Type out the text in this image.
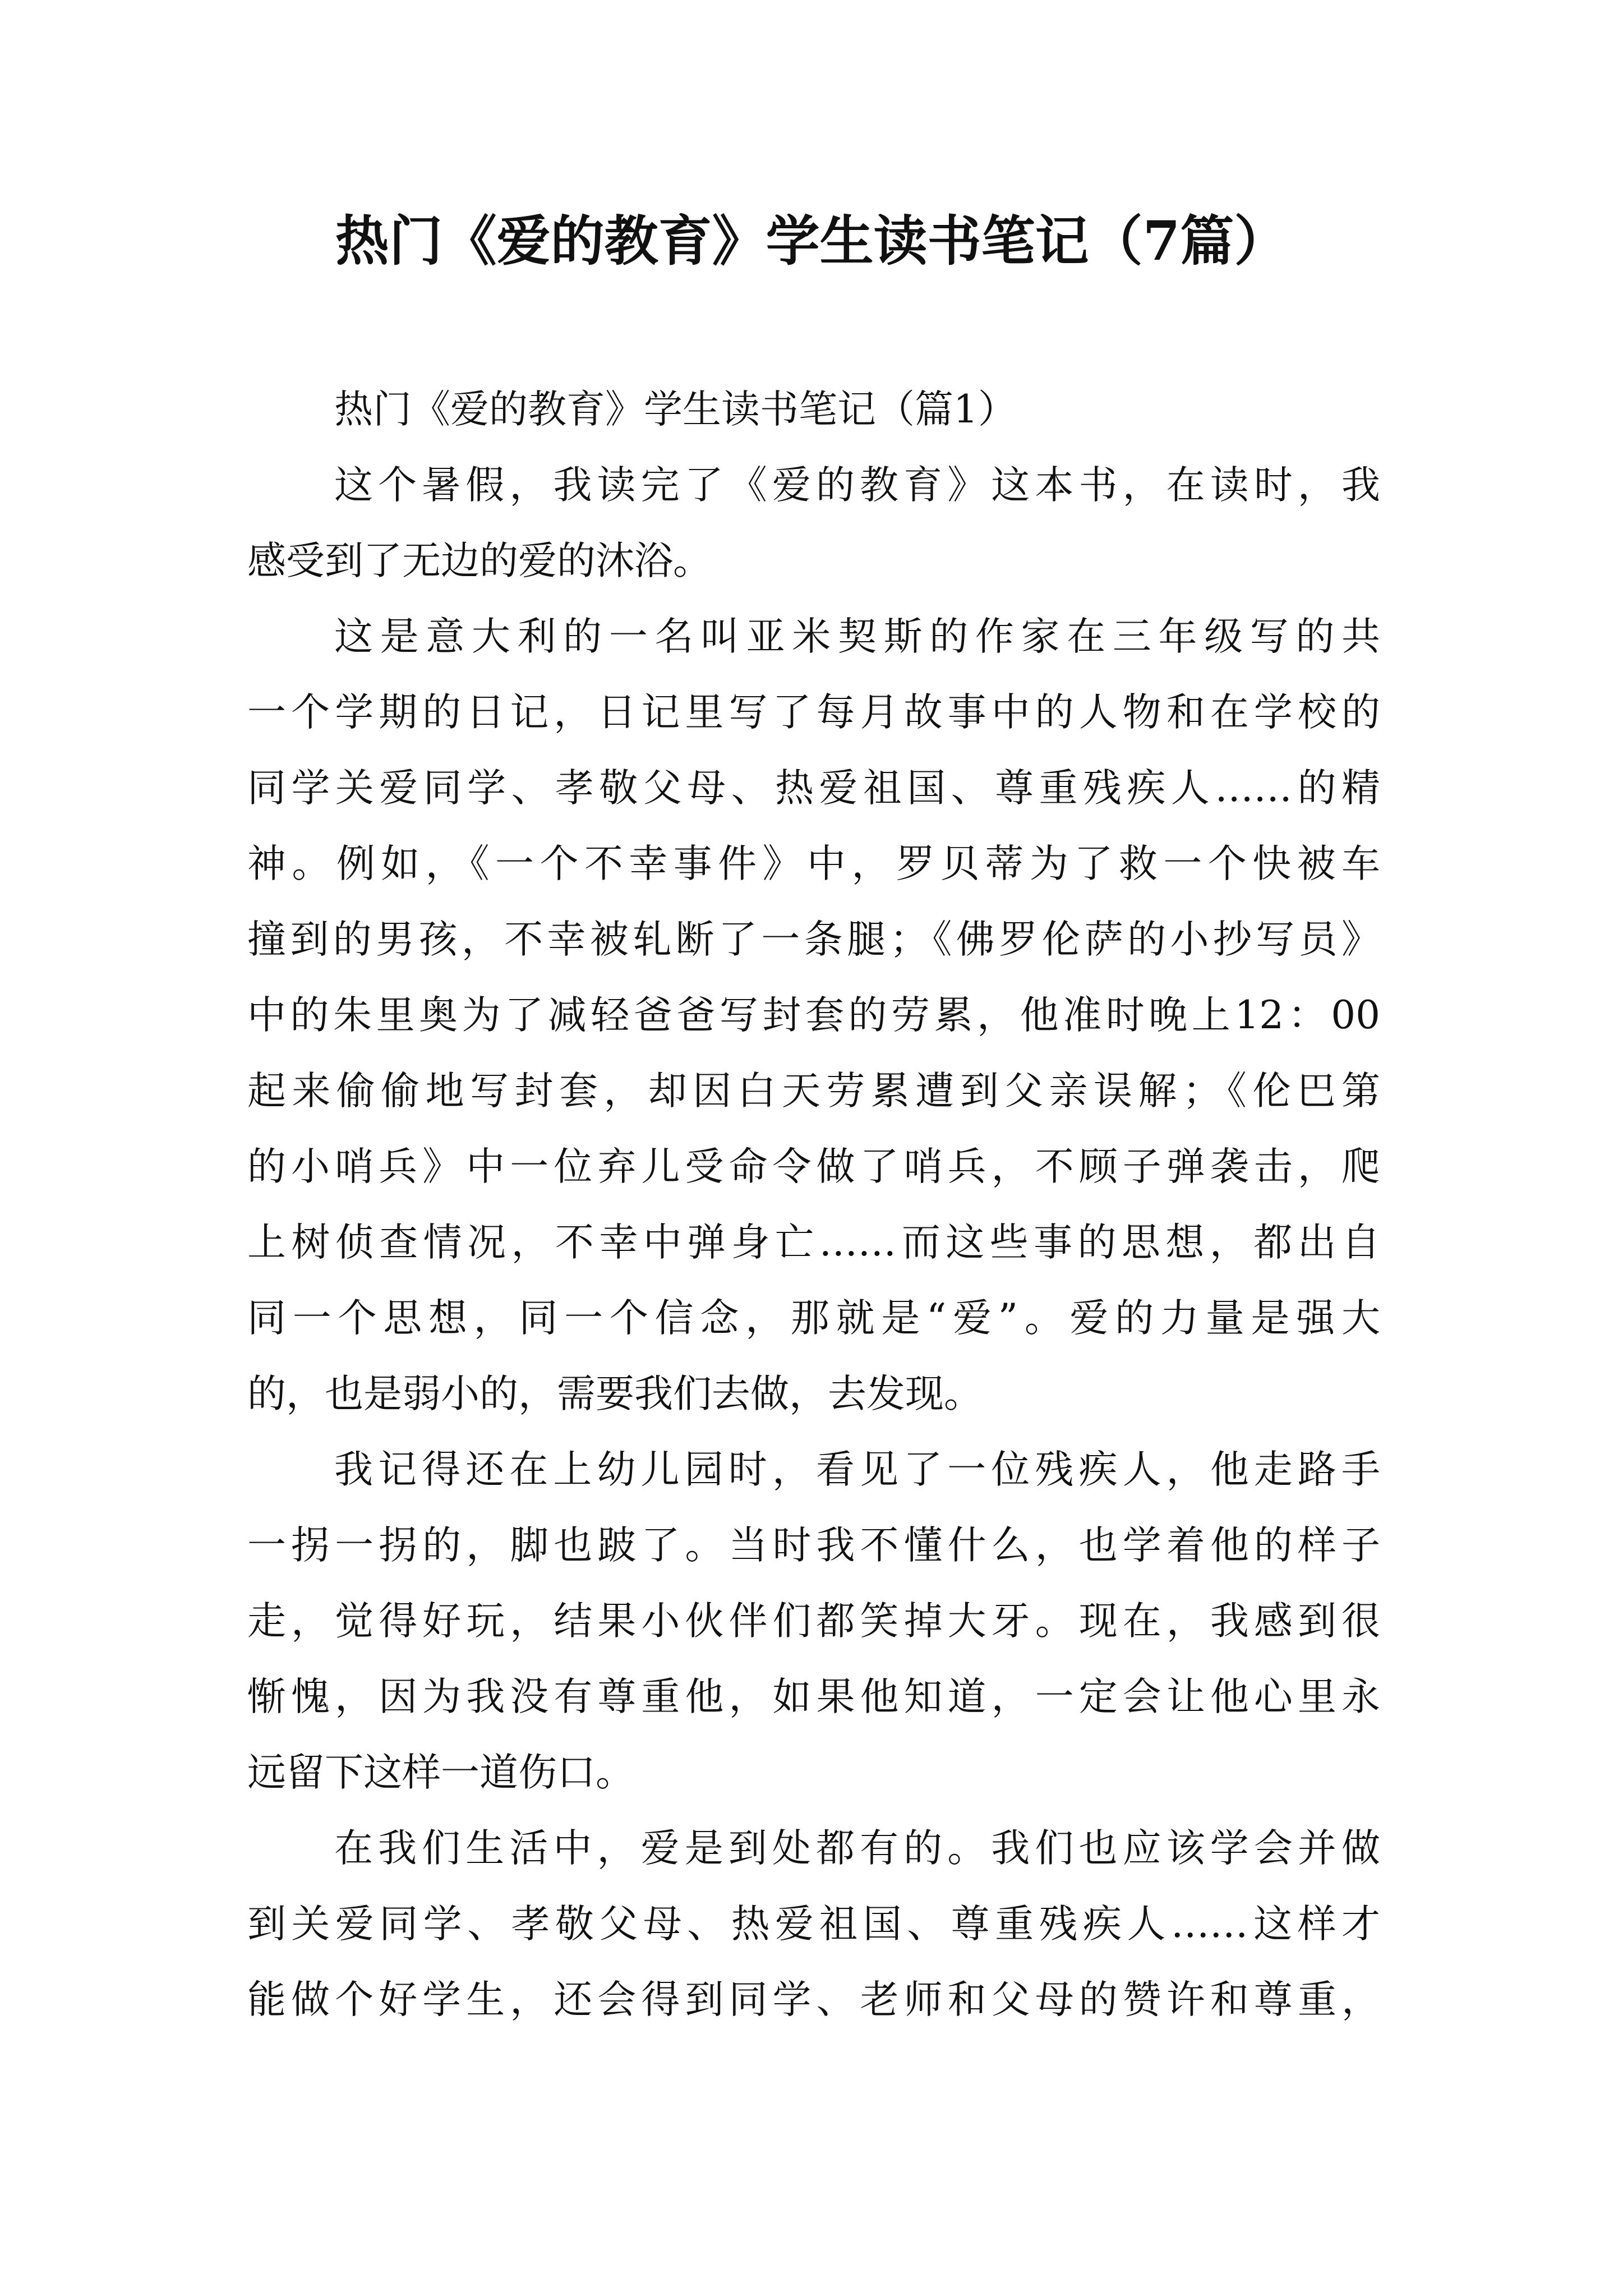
热门《爱的教育》学生读书笔记（7篇）
热门《爱的教育》学生读书笔记（篇1）
这个暑假，我读完了《爱的教育》这本书，在读时，我
感受到了无边的爱的沐浴。
这是意大利的一名叫亚米契斯的作家在三年级写的共
一个学期的日记，日记里写了每月故事中的人物和在学校的
同学关爱同学、孝敬父母、热爱祖国、尊重残疾人……的精
神。例如，《一个不幸事件》中，罗贝蒂为了救一个快被车
撞到的男孩，不幸被轧断了一条腿；《佛罗伦萨的小抄写员》
中的朱里奥为了减轻爸爸写封套的劳累，他准时晚上12：00
起来偷偷地写封套，却因白天劳累遭到父亲误解；《伦巴第
的小哨兵》中一位弃儿受命令做了哨兵，不顾子弹袭击，爬
上树侦查情况，不幸中弹身亡……而这些事的思想，都出自
同一个思想，同一个信念，那就是“爱”。爱的力量是强大
的，也是弱小的，需要我们去做，去发现。
我记得还在上幼儿园时，看见了一位残疾人，他走路手
一拐一拐的，脚也跛了。当时我不懂什么，也学着他的样子
走，觉得好玩，结果小伙伴们都笑掉大牙。现在，我感到很
惭愧，因为我没有尊重他，如果他知道，一定会让他心里永
远留下这样一道伤口。
在我们生活中，爱是到处都有的。我们也应该学会并做
到关爱同学、孝敬父母、热爱祖国、尊重残疾人……这样才
能做个好学生，还会得到同学、老师和父母的赞许和尊重，
